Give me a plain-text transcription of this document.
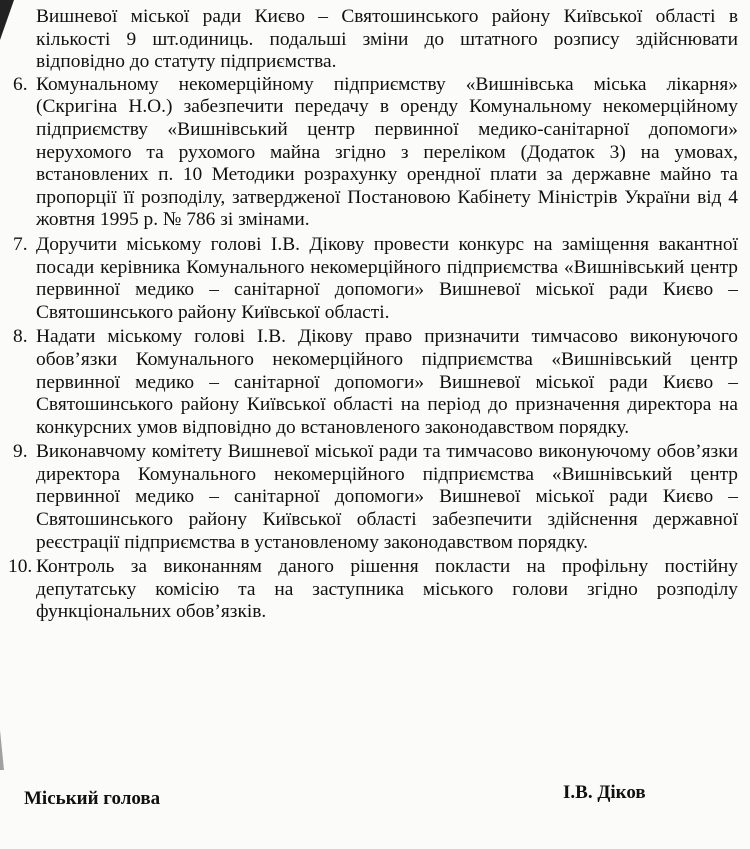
Вишневої міської ради Києво – Святошинського району Київської області в кількості 9 шт.одиниць. подальші зміни до штатного розпису здійснювати відповідно до статуту підприємства.

6. Комунальному некомерційному підприємству «Вишнівська міська лікарня» (Скригіна Н.О.) забезпечити передачу в оренду Комунальному некомерційному підприємству «Вишнівський центр первинної медико-санітарної допомоги» нерухомого та рухомого майна згідно з переліком (Додаток 3) на умовах, встановлених п. 10 Методики розрахунку орендної плати за державне майно та пропорції її розподілу, затвердженої Постановою Кабінету Міністрів України від 4 жовтня 1995 р. № 786 зі змінами.
7. Доручити міському голові І.В. Дікову провести конкурс на заміщення вакантної посади керівника Комунального некомерційного підприємства «Вишнівський центр первинної медико – санітарної допомоги» Вишневої міської ради Києво – Святошинського району Київської області.
8. Надати міському голові І.В. Дікову право призначити тимчасово виконуючого обов’язки Комунального некомерційного підприємства «Вишнівський центр первинної медико – санітарної допомоги» Вишневої міської ради Києво – Святошинського району Київської області на період до призначення директора на конкурсних умов відповідно до встановленого законодавством порядку.
9. Виконавчому комітету Вишневої міської ради та тимчасово виконуючому обов’язки директора Комунального некомерційного підприємства «Вишнівський центр первинної медико – санітарної допомоги» Вишневої міської ради Києво – Святошинського району Київської області забезпечити здійснення державної реєстрації підприємства в установленому законодавством порядку.
10. Контроль за виконанням даного рішення покласти на профільну постійну депутатську комісію та на заступника міського голови згідно розподілу функціональних обов’язків.
Міський голова	І.В. Діков
